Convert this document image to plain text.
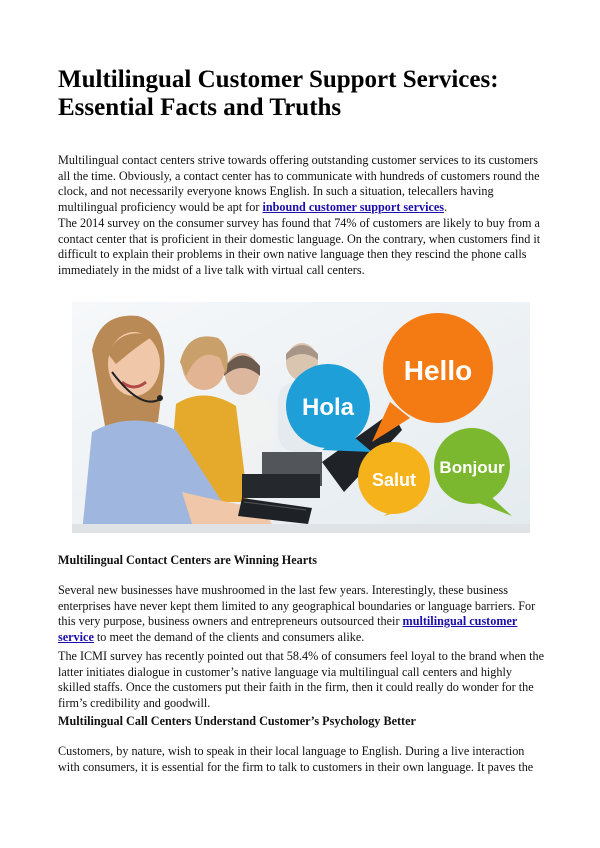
Multilingual Customer Support Services: Essential Facts and Truths

Multilingual contact centers strive towards offering outstanding customer services to its customers all the time. Obviously, a contact center has to communicate with hundreds of customers round the clock, and not necessarily everyone knows English. In such a situation, telecallers having multilingual proficiency would be apt for inbound customer support services.

The 2014 survey on the consumer survey has found that 74% of customers are likely to buy from a contact center that is proficient in their domestic language. On the contrary, when customers find it difficult to explain their problems in their own native language then they rescind the phone calls immediately in the midst of a live talk with virtual call centers.

Hello
Hola
Salut
Bonjour

Multilingual Contact Centers are Winning Hearts

Several new businesses have mushroomed in the last few years. Interestingly, these business enterprises have never kept them limited to any geographical boundaries or language barriers. For this very purpose, business owners and entrepreneurs outsourced their multilingual customer service to meet the demand of the clients and consumers alike.

The ICMI survey has recently pointed out that 58.4% of consumers feel loyal to the brand when the latter initiates dialogue in customer’s native language via multilingual call centers and highly skilled staffs. Once the customers put their faith in the firm, then it could really do wonder for the firm’s credibility and goodwill.

Multilingual Call Centers Understand Customer’s Psychology Better

Customers, by nature, wish to speak in their local language to English. During a live interaction with consumers, it is essential for the firm to talk to customers in their own language. It paves the
